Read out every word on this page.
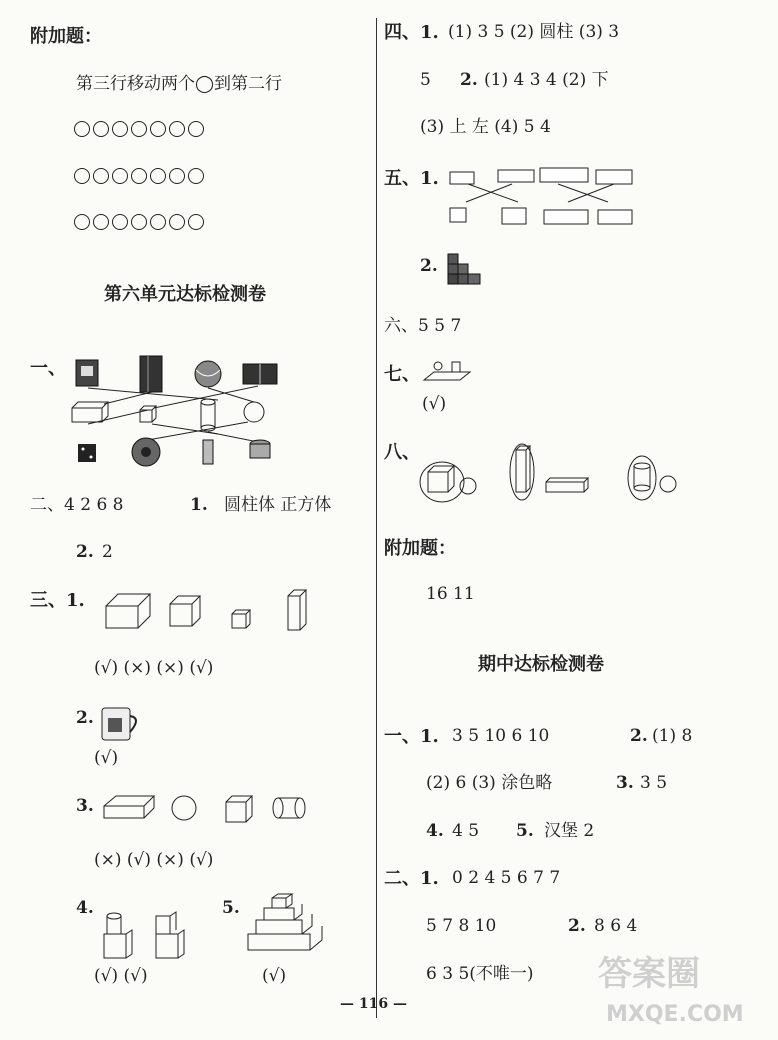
附加题：
第三行移动两个◯到第二行
第六单元达标检测卷
一、
二、4 2 6 8	1. 圆柱体 正方体
2. 2
三、1.
(√) (×) (×) (√)
2.
(√)
3.
(×) (√) (×) (√)
4.	5.
(√) (√)	(√)
四、1. (1) 3 5 (2) 圆柱 (3) 3
5 2. (1) 4 3 4 (2) 下
(3) 上 左 (4) 5 4
五、1.
2.
六、5 5 7
七、
(√)
八、
附加题：
16 11
期中达标检测卷
一、1. 3 5 10 6 10	2. (1) 8
(2) 6 (3) 涂色略	3. 3 5
4. 4 5 5. 汉堡 2
二、1. 0 2 4 5 6 7 7
5 7 8 10	2. 8 6 4
6 3 5(不唯一)
— 116 —
答案圈
MXQE.COM
